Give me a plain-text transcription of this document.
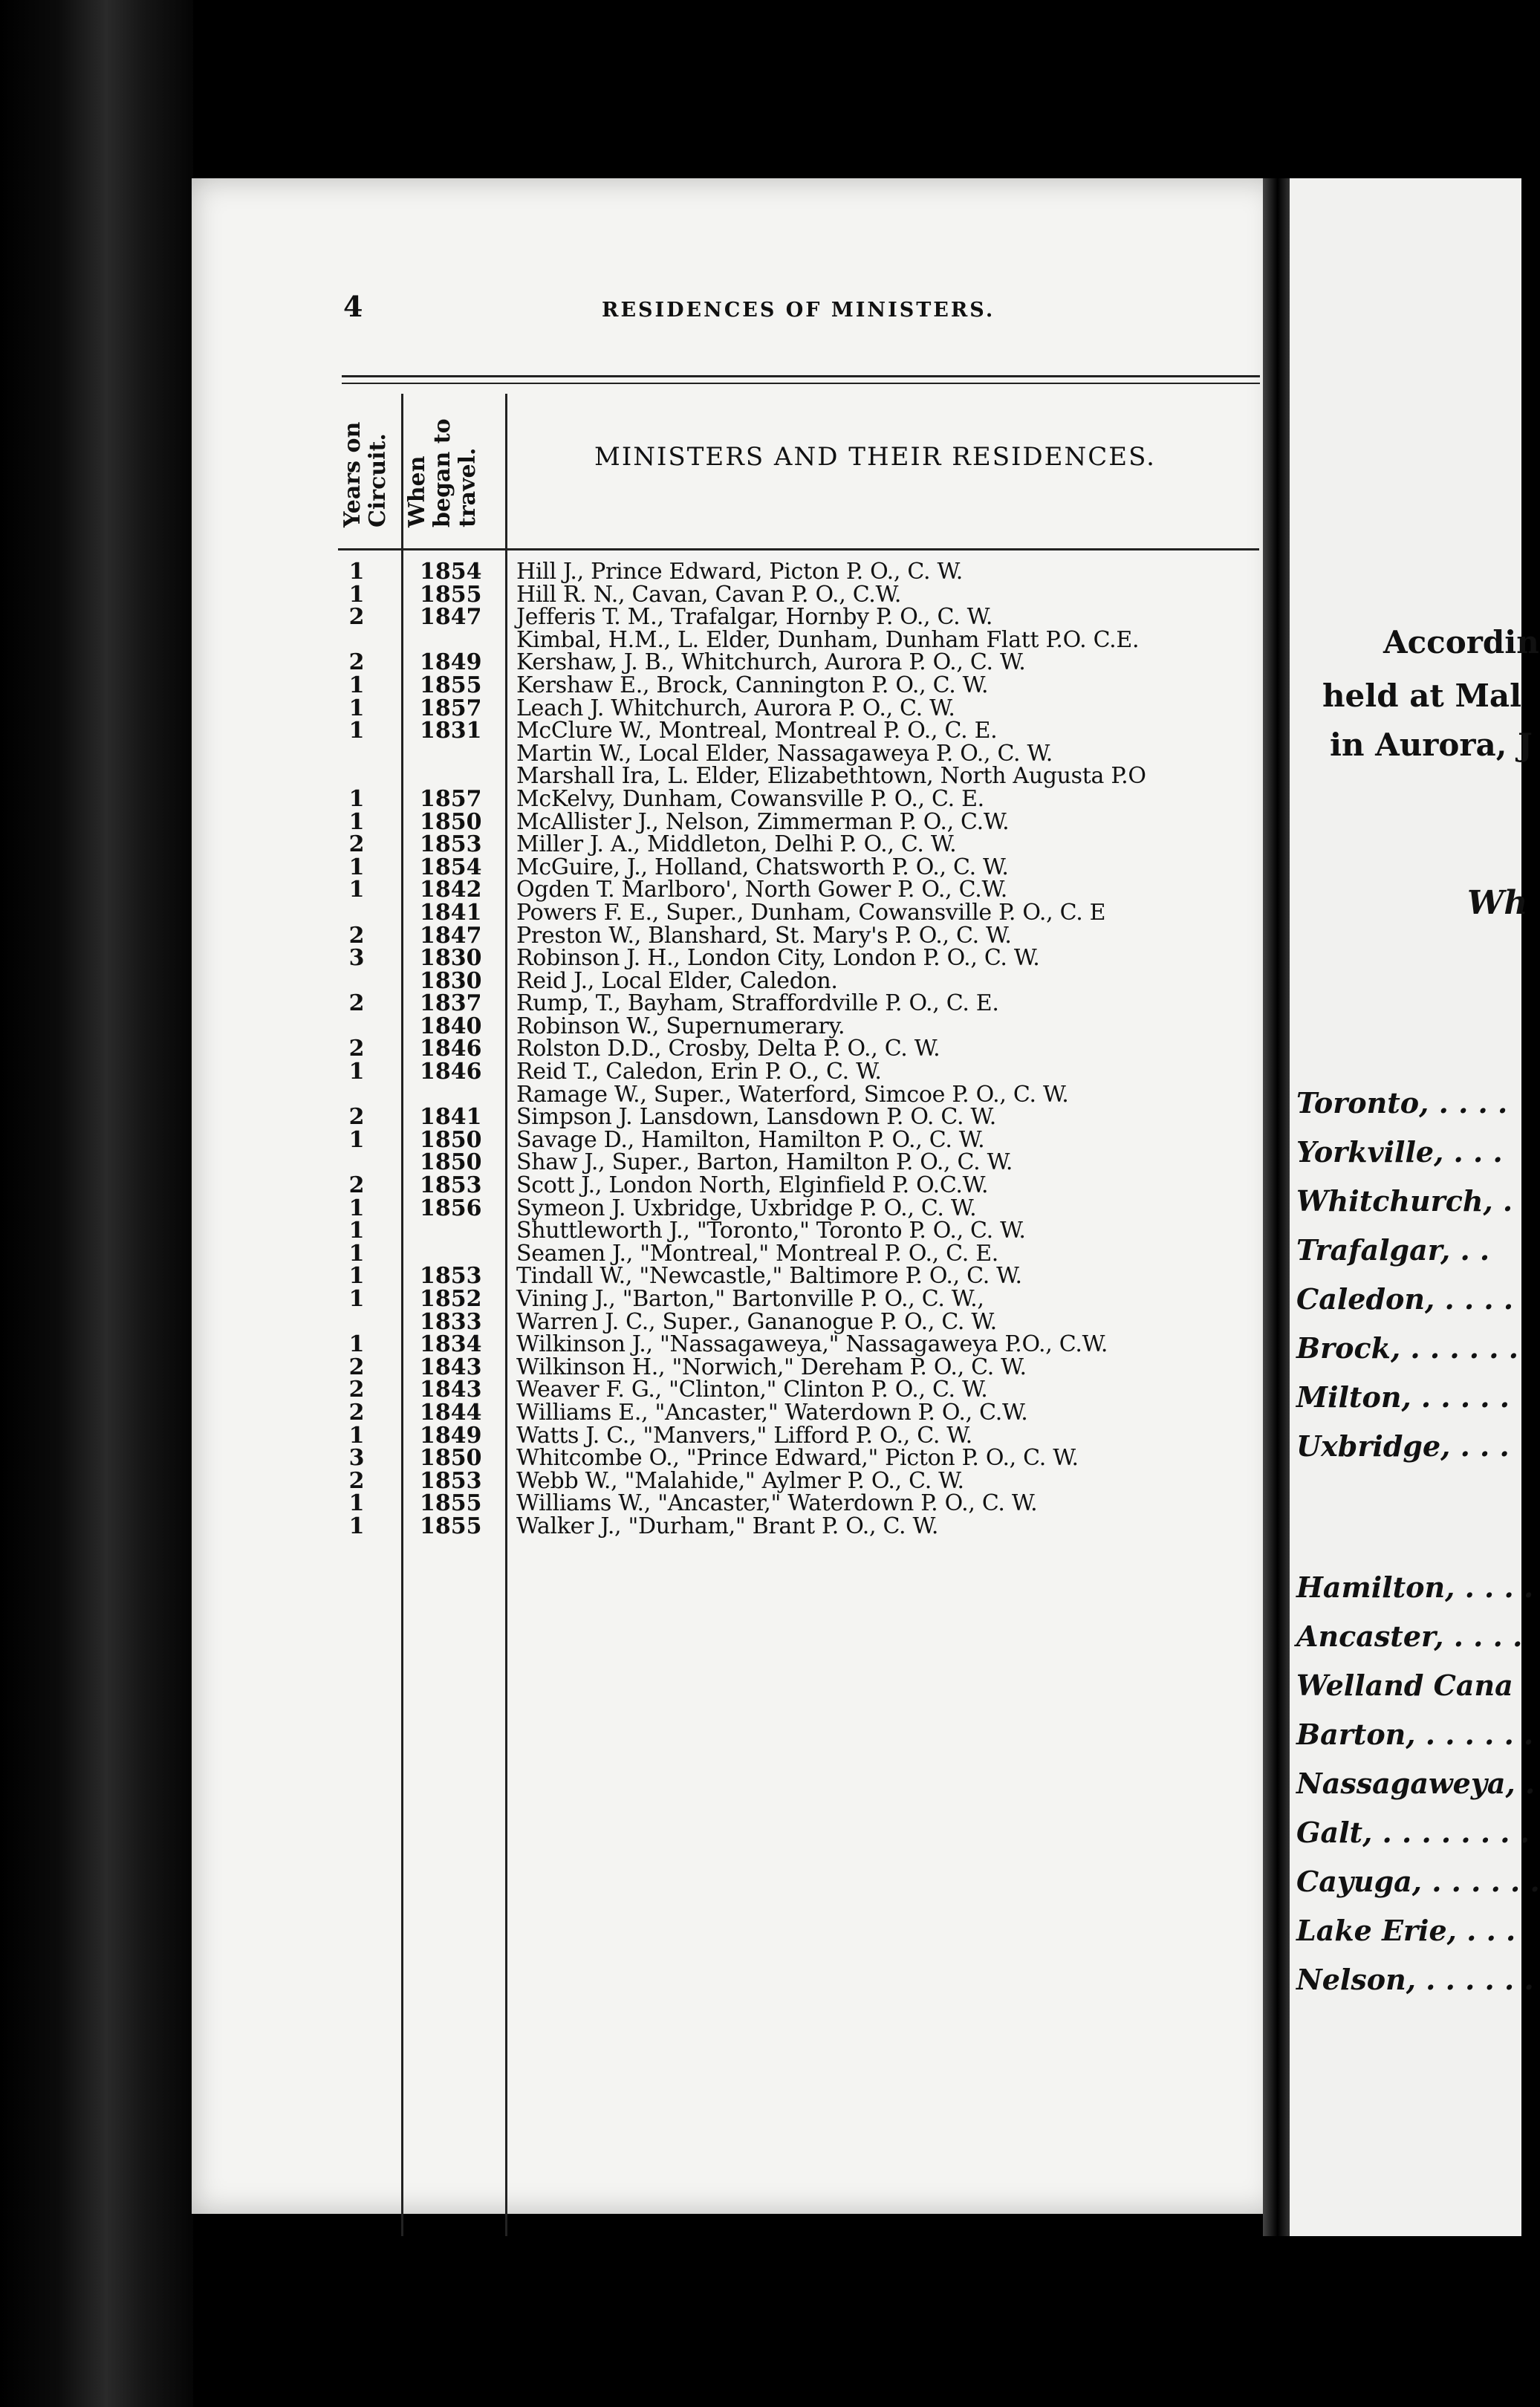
Accordin
held at Mal
in Aurora, J
Wh
Toronto, . . . .
Yorkville, . . .
Whitchurch, .
Trafalgar, . .
Caledon, . . . .
Brock, . . . . . .
Milton, . . . . .
Uxbridge, . . .
Hamilton, . . . .
Ancaster, . . . .
Welland Cana
Barton, . . . . . .
Nassagaweya, .
Galt, . . . . . . . .
Cayuga, . . . . . .
Lake Erie, . . .
Nelson, . . . . . .
4	RESIDENCES OF MINISTERS.
Years on Circuit. When began to travel.	MINISTERS AND THEIR RESIDENCES.
1 1854 Hill J., Prince Edward, Picton P. O., C. W.
1 1855 Hill R. N., Cavan, Cavan P. O., C.W.
2 1847 Jefferis T. M., Trafalgar, Hornby P. O., C. W.
Kimbal, H.M., L. Elder, Dunham, Dunham Flatt P.O. C.E.
2 1849 Kershaw, J. B., Whitchurch, Aurora P. O., C. W.
1 1855 Kershaw E., Brock, Cannington P. O., C. W.
1 1857 Leach J. Whitchurch, Aurora P. O., C. W.
1 1831 McClure W., Montreal, Montreal P. O., C. E.
Martin W., Local Elder, Nassagaweya P. O., C. W.
Marshall Ira, L. Elder, Elizabethtown, North Augusta P.O
1 1857 McKelvy, Dunham, Cowansville P. O., C. E.
1 1850 McAllister J., Nelson, Zimmerman P. O., C.W.
2 1853 Miller J. A., Middleton, Delhi P. O., C. W.
1 1854 McGuire, J., Holland, Chatsworth P. O., C. W.
1 1842 Ogden T. Marlboro', North Gower P. O., C.W.
1841 Powers F. E., Super., Dunham, Cowansville P. O., C. E
2 1847 Preston W., Blanshard, St. Mary's P. O., C. W.
3 1830 Robinson J. H., London City, London P. O., C. W.
1830 Reid J., Local Elder, Caledon.
2 1837 Rump, T., Bayham, Straffordville P. O., C. E.
1840 Robinson W., Supernumerary.
2 1846 Rolston D.D., Crosby, Delta P. O., C. W.
1 1846 Reid T., Caledon, Erin P. O., C. W.
Ramage W., Super., Waterford, Simcoe P. O., C. W.
2 1841 Simpson J. Lansdown, Lansdown P. O. C. W.
1 1850 Savage D., Hamilton, Hamilton P. O., C. W.
1850 Shaw J., Super., Barton, Hamilton P. O., C. W.
2 1853 Scott J., London North, Elginfield P. O.C.W.
1 1856 Symeon J. Uxbridge, Uxbridge P. O., C. W.
1	Shuttleworth J., "Toronto," Toronto P. O., C. W.
1	Seamen J., "Montreal," Montreal P. O., C. E.
1 1853 Tindall W., "Newcastle," Baltimore P. O., C. W.
1 1852 Vining J., "Barton," Bartonville P. O., C. W.,
1833 Warren J. C., Super., Gananogue P. O., C. W.
1 1834 Wilkinson J., "Nassagaweya," Nassagaweya P.O., C.W.
2 1843 Wilkinson H., "Norwich," Dereham P. O., C. W.
2 1843 Weaver F. G., "Clinton," Clinton P. O., C. W.
2 1844 Williams E., "Ancaster," Waterdown P. O., C.W.
1 1849 Watts J. C., "Manvers," Lifford P. O., C. W.
3 1850 Whitcombe O., "Prince Edward," Picton P. O., C. W.
2 1853 Webb W., "Malahide," Aylmer P. O., C. W.
1 1855 Williams W., "Ancaster," Waterdown P. O., C. W.
1 1855 Walker J., "Durham," Brant P. O., C. W.
